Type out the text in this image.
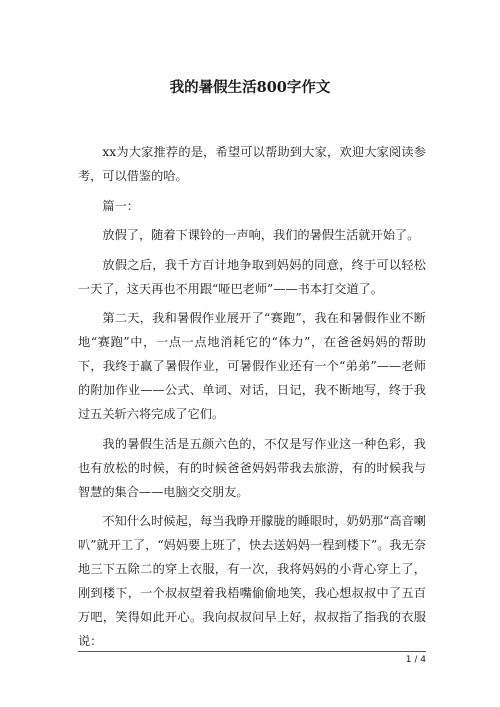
我的暑假生活800字作文

xx为大家推荐的是，希望可以帮助到大家，欢迎大家阅读参考，可以借鉴的哈。

篇一：

放假了，随着下课铃的一声响，我们的暑假生活就开始了。

放假之后，我千方百计地争取到妈妈的同意，终于可以轻松一天了，这天再也不用跟“哑巴老师”——书本打交道了。

第二天，我和暑假作业展开了“赛跑”，我在和暑假作业不断地“赛跑”中，一点一点地消耗它的“体力”，在爸爸妈妈的帮助下，我终于赢了暑假作业，可暑假作业还有一个“弟弟”——老师的附加作业——公式、单词、对话，日记，我不断地写，终于我过五关斩六将完成了它们。

我的暑假生活是五颜六色的，不仅是写作业这一种色彩，我也有放松的时候，有的时候爸爸妈妈带我去旅游，有的时候我与智慧的集合——电脑交交朋友。

不知什么时候起，每当我睁开朦胧的睡眼时，奶奶那“高音喇叭”就开工了，“妈妈要上班了，快去送妈妈一程到楼下”。我无奈地三下五除二的穿上衣服，有一次，我将妈妈的小背心穿上了，刚到楼下，一个叔叔望着我梧嘴偷偷地笑，我心想叔叔中了五百万吧，笑得如此开心。我向叔叔问早上好，叔叔指了指我的衣服说：

1 / 4
